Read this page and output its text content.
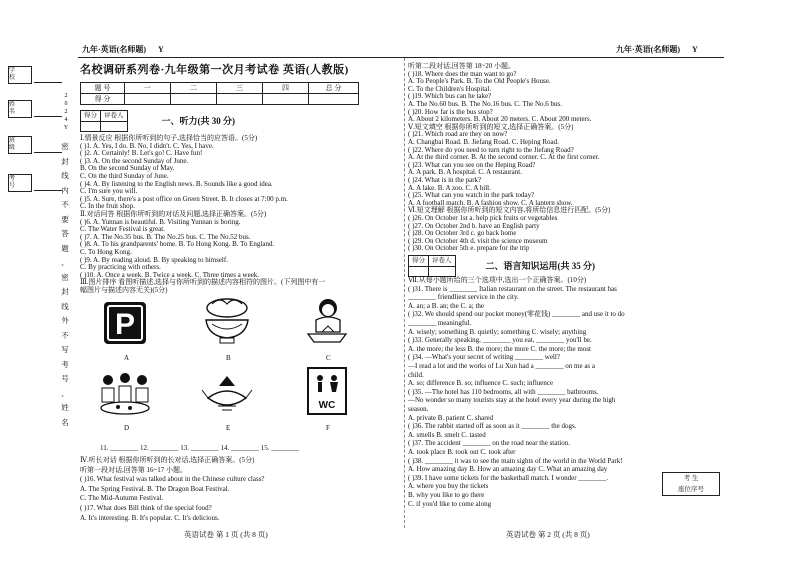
九年·英语(名师题) Y	九年·英语(名师题) Y
学 校
姓 名
班 级
考 号
2
0
2
4
Y
密
封
线
内
不
要
答
题
、
密
封
线
外
不
写
考
号
、
姓
名
名校调研系列卷·九年级第一次月考试卷 英语(人教版)
题 号	一	二	三	四	总 分
得 分					
得分	评卷人
		一、听力(共 30 分)
Ⅰ.情景反应 根据你所听到的句子,选择恰当的应答语。(5分)
( )1. A. Yes, I do. B. No, I didn't. C. Yes, I have.
( )2. A. Certainly! B. Let's go! C. Have fun!
( )3. A. On the second Sunday of June.
B. On the second Sunday of May.
C. On the third Sunday of June.
( )4. A. By listening to the English news. B. Sounds like a good idea.
C. I'm sure you will.
( )5. A. Sure, there's a post office on Green Street. B. It closes at 7:00 p.m.
C. In the fruit shop.
Ⅱ.对话问答 根据你所听到的对话及问题,选择正确答案。(5分)
( )6. A. Yunnan is beautiful. B. Visiting Yunnan is boring.
C. The Water Festival is great.
( )7. A. The No.35 bus. B. The No.25 bus. C. The No.52 bus.
( )8. A. To his grandparents' home. B. To Hong Kong. B. To England.
C. To Hong Kong.
( )9. A. By reading aloud. B. By speaking to himself.
C. By practicing with others.
( )10. A. Once a week. B. Twice a week. C. Three times a week.
Ⅲ.图片排序 看图听描述,选择与你所听到的描述内容相符的图片。(下列图中有一
幅图片与描述内容无关)(5分)
P
WC
A	B	C
D	E	F
11. ________ 12. ________ 13. ________ 14. ________ 15. ________
Ⅳ.听长对话 根据你所听到的长对话,选择正确答案。(5分)
听第一段对话,回答第 16~17 小题。
( )16. What festival was talked about in the Chinese culture class?
A. The Spring Festival. B. The Dragon Boat Festival.
C. The Mid-Autumn Festival.
( )17. What does Bill think of the special food?
A. It's interesting. B. It's popular. C. It's delicious.
英语试卷 第 1 页 (共 8 页)
听第二段对话,回答第 18~20 小题。
( )18. Where does the man want to go?
A. To People's Park. B. To the Old People's House.
C. To the Children's Hospital.
( )19. Which bus can he take?
A. The No.60 bus. B. The No.16 bus. C. The No.6 bus.
( )20. How far is the bus stop?
A. About 2 kilometers. B. About 20 meters. C. About 200 meters.
Ⅴ.短文填空 根据你所听到的短文,选择正确答案。(5分)
( )21. Which road are they on now?
A. Changbai Road. B. Jiefang Road. C. Heping Road.
( )22. Where do you need to turn right to the Jiefang Road?
A. At the third corner. B. At the second corner. C. At the first corner.
( )23. What can you see on the Heping Road?
A. A park. B. A hospital. C. A restaurant.
( )24. What is in the park?
A. A lake. B. A zoo. C. A hill.
( )25. What can you watch in the park today?
A. A football match. B. A fashion show. C. A lantern show.
Ⅵ.短文理解 根据你所听到的短文内容,将所给信息进行匹配。(5分)
( )26. On October 1st a. help pick fruits or vegetables
( )27. On October 2nd b. have an English party
( )28. On October 3rd c. go back home
( )29. On October 4th d. visit the science museum
( )30. On October 5th e. prepare for the trip
得分	评卷人
		二、语言知识运用(共 35 分)
Ⅶ.从每小题所给的三个选项中,选出一个正确答案。(10分)
( )31. There is ________ Italian restaurant on the street. The restaurant has
________ friendliest service in the city.
A. an; a B. an; the C. a; the
( )32. We should spend our pocket money(零花钱) ________ and use it to do
________ meaningful.
A. wisely; something B. quietly; something C. wisely; anything
( )33. Generally speaking, ________ you eat, ________ you'll be.
A. the more; the less B. the more; the more C. the more; the most
( )34. —What's your secret of writing ________ well?
—I read a lot and the works of Lu Xun had a ________ on me as a
child.
A. so; difference B. so; influence C. such; influence
( )35. —The hotel has 110 bedrooms, all with ________ bathrooms.
—No wonder so many tourists stay at the hotel every year during the high
season.
A. private B. patient C. shared
( )36. The rabbit started off as soon as it ________ the dogs.
A. smells B. smelt C. tasted
( )37. The accident ________ on the road near the station.
A. took place B. took out C. took after
( )38. ________ it was to see the main sights of the world in the World Park!
A. How amazing day B. How an amazing day C. What an amazing day
( )39. I have some tickets for the basketball match. I wonder ________.
A. where you buy the tickets
B. why you like to go there
C. if you'd like to come along
考 生
座位序号
英语试卷 第 2 页 (共 8 页)
